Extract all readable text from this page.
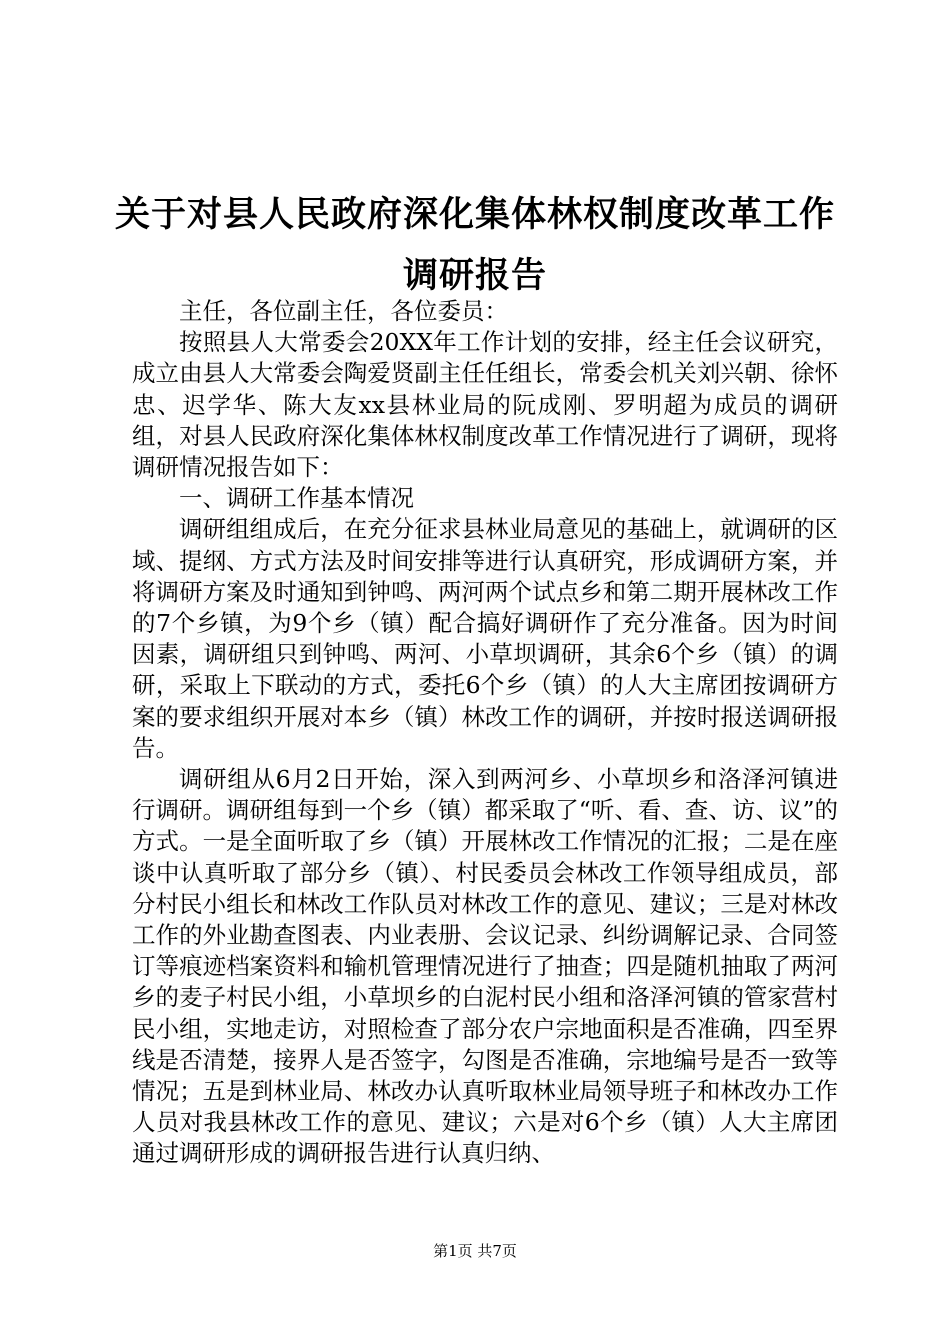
关于对县人民政府深化集体林权制度改革工作
调研报告

主任，各位副主任，各位委员：

按照县人大常委会20XX年工作计划的安排，经主任会议研究，成立由县人大常委会陶爱贤副主任任组长，常委会机关刘兴朝、徐怀忠、迟学华、陈大友xx县林业局的阮成刚、罗明超为成员的调研组，对县人民政府深化集体林权制度改革工作情况进行了调研，现将调研情况报告如下：

一、调研工作基本情况

调研组组成后，在充分征求县林业局意见的基础上，就调研的区域、提纲、方式方法及时间安排等进行认真研究，形成调研方案，并将调研方案及时通知到钟鸣、两河两个试点乡和第二期开展林改工作的7个乡镇，为9个乡（镇）配合搞好调研作了充分准备。因为时间因素，调研组只到钟鸣、两河、小草坝调研，其余6个乡（镇）的调研，采取上下联动的方式，委托6个乡（镇）的人大主席团按调研方案的要求组织开展对本乡（镇）林改工作的调研，并按时报送调研报告。

调研组从6月2日开始，深入到两河乡、小草坝乡和洛泽河镇进行调研。调研组每到一个乡（镇）都采取了“听、看、查、访、议”的方式。一是全面听取了乡（镇）开展林改工作情况的汇报；二是在座谈中认真听取了部分乡（镇）、村民委员会林改工作领导组成员，部分村民小组长和林改工作队员对林改工作的意见、建议；三是对林改工作的外业勘查图表、内业表册、会议记录、纠纷调解记录、合同签订等痕迹档案资料和输机管理情况进行了抽查；四是随机抽取了两河乡的麦子村民小组，小草坝乡的白泥村民小组和洛泽河镇的管家营村民小组，实地走访，对照检查了部分农户宗地面积是否准确，四至界线是否清楚，接界人是否签字，勾图是否准确，宗地编号是否一致等情况；五是到林业局、林改办认真听取林业局领导班子和林改办工作人员对我县林改工作的意见、建议；六是对6个乡（镇）人大主席团通过调研形成的调研报告进行认真归纳、

第1页 共7页
